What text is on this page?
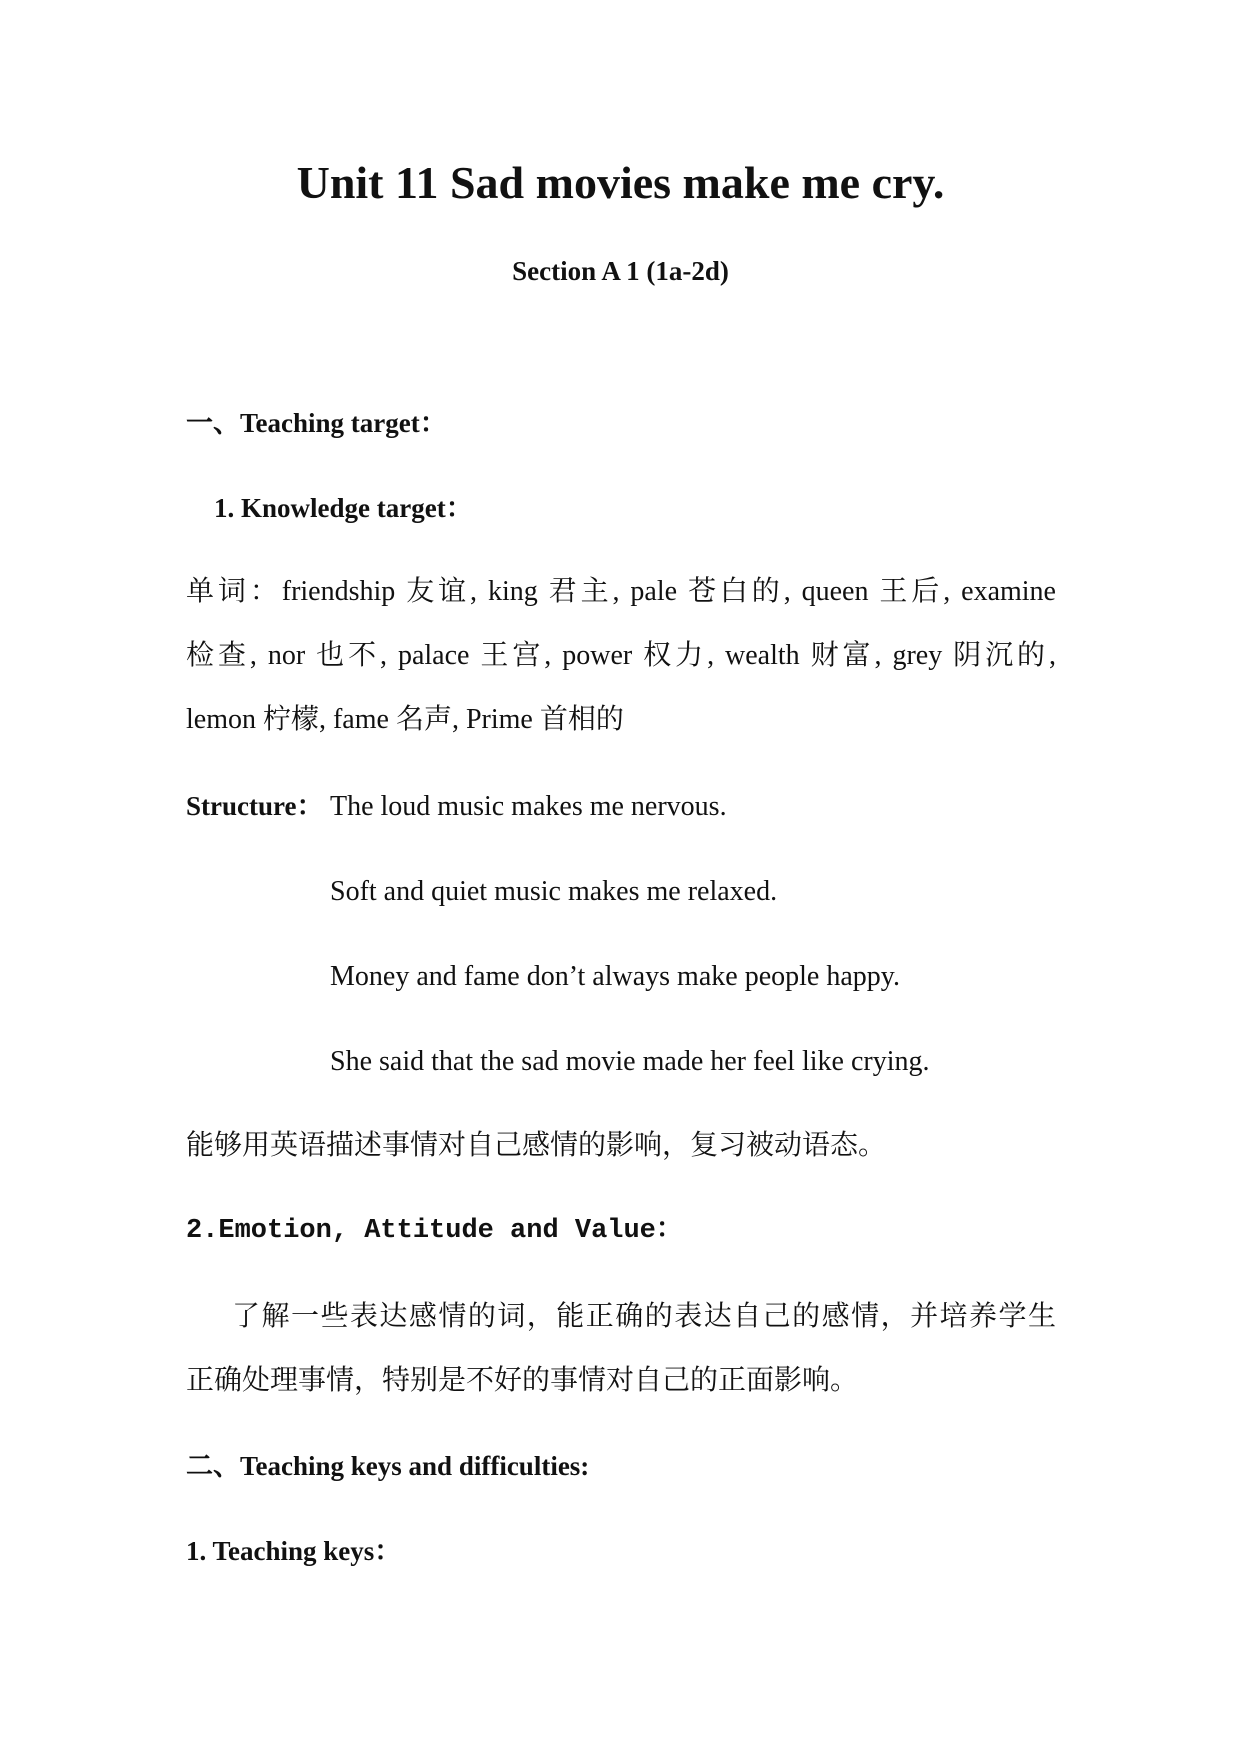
Unit 11 Sad movies make me cry.
Section A 1 (1a-2d)
一、Teaching target：
1. Knowledge target：
单词：friendship 友谊, king 君主, pale 苍白的, queen 王后, examine
检查, nor 也不, palace 王宫, power 权力, wealth 财富, grey 阴沉的,
lemon 柠檬, fame 名声, Prime 首相的
Structure： The loud music makes me nervous.
Soft and quiet music makes me relaxed.
Money and fame don’t always make people happy.
She said that the sad movie made her feel like crying.
能够用英语描述事情对自己感情的影响，复习被动语态。
2.Emotion, Attitude and Value：
了解一些表达感情的词，能正确的表达自己的感情，并培养学生
正确处理事情，特别是不好的事情对自己的正面影响。
二、Teaching keys and difficulties:
1. Teaching keys：
